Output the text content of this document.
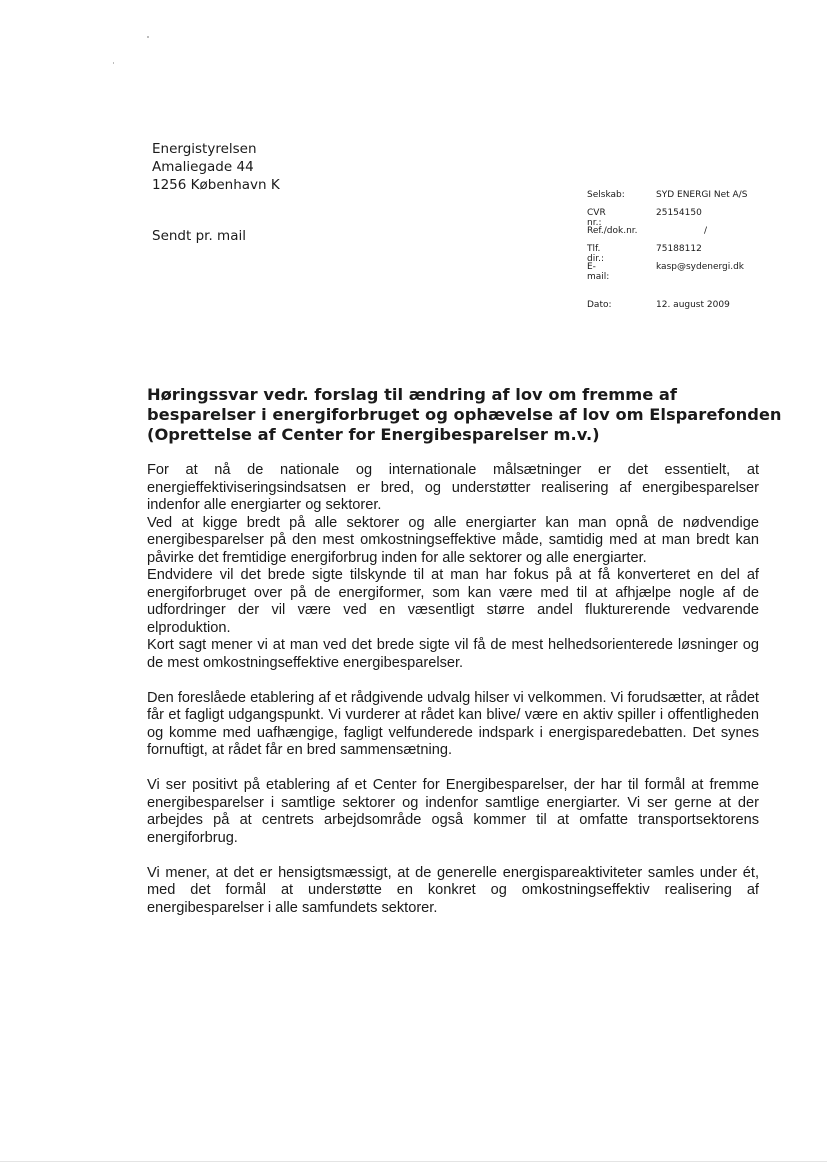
Energistyrelsen
Amaliegade 44
1256 København K
Sendt pr. mail
Selskab:	SYD ENERGI Net A/S
CVR nr.:
25154150
Ref./dok.nr.	/
Tlf. dir.:
75188112
E-mail:
kasp@sydenergi.dk
Dato:	12. august 2009
Høringssvar vedr. forslag til ændring af lov om fremme af besparelser i energiforbruget og ophævelse af lov om Elsparefonden (Oprettelse af Center for Energibesparelser m.v.)

For at nå de nationale og internationale målsætninger er det essentielt, at energieffektiviseringsindsatsen er bred, og understøtter realisering af energibesparelser indenfor alle energiarter og sektorer.

Ved at kigge bredt på alle sektorer og alle energiarter kan man opnå de nødvendige energibesparelser på den mest omkostningseffektive måde, samtidig med at man bredt kan påvirke det fremtidige energiforbrug inden for alle sektorer og alle energiarter.

Endvidere vil det brede sigte tilskynde til at man har fokus på at få konverteret en del af energiforbruget over på de energiformer, som kan være med til at afhjælpe nogle af de udfordringer der vil være ved en væsentligt større andel flukturerende vedvarende elproduktion.

Kort sagt mener vi at man ved det brede sigte vil få de mest helhedsorienterede løsninger og de mest omkostningseffektive energibesparelser.

Den foreslåede etablering af et rådgivende udvalg hilser vi velkommen. Vi forudsætter, at rådet får et fagligt udgangspunkt. Vi vurderer at rådet kan blive/ være en aktiv spiller i offentligheden og komme med uafhængige, fagligt velfunderede indspark i energisparedebatten. Det synes fornuftigt, at rådet får en bred sammensætning.

Vi ser positivt på etablering af et Center for Energibesparelser, der har til formål at fremme energibesparelser i samtlige sektorer og indenfor samtlige energiarter. Vi ser gerne at der arbejdes på at centrets arbejdsområde også kommer til at omfatte transportsektorens energiforbrug.

Vi mener, at det er hensigtsmæssigt, at de generelle energispareaktiviteter samles under ét, med det formål at understøtte en konkret og omkostningseffektiv realisering af energibesparelser i alle samfundets sektorer.
